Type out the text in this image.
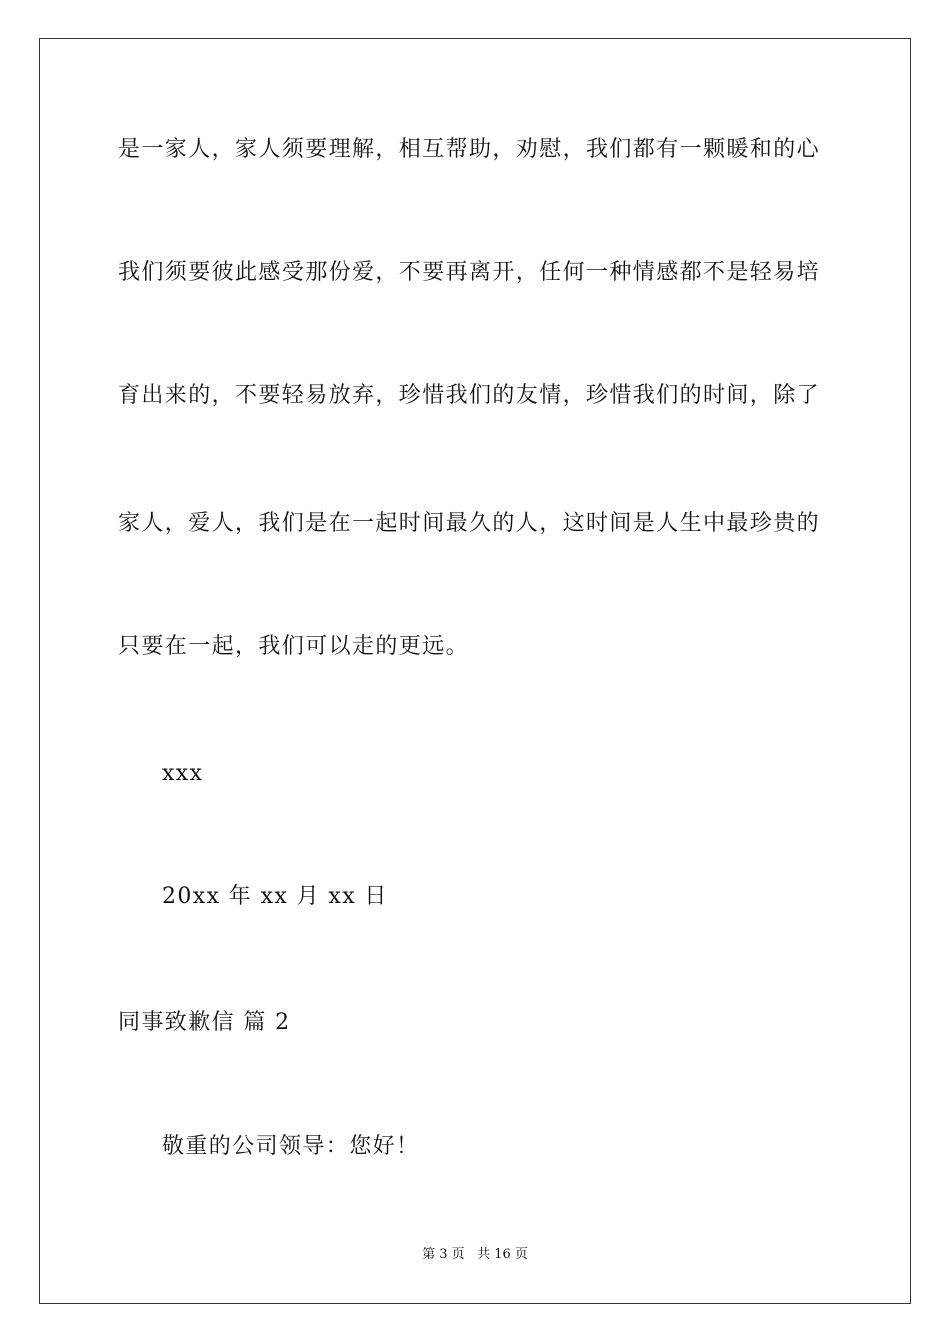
是一家人，家人须要理解，相互帮助，劝慰，我们都有一颗暖和的心
我们须要彼此感受那份爱，不要再离开，任何一种情感都不是轻易培
育出来的，不要轻易放弃，珍惜我们的友情，珍惜我们的时间，除了
家人，爱人，我们是在一起时间最久的人，这时间是人生中最珍贵的
只要在一起，我们可以走的更远。
xxx
20xx 年 xx 月 xx 日
同事致歉信 篇 2
敬重的公司领导：您好！
第 3 页 共 16 页
